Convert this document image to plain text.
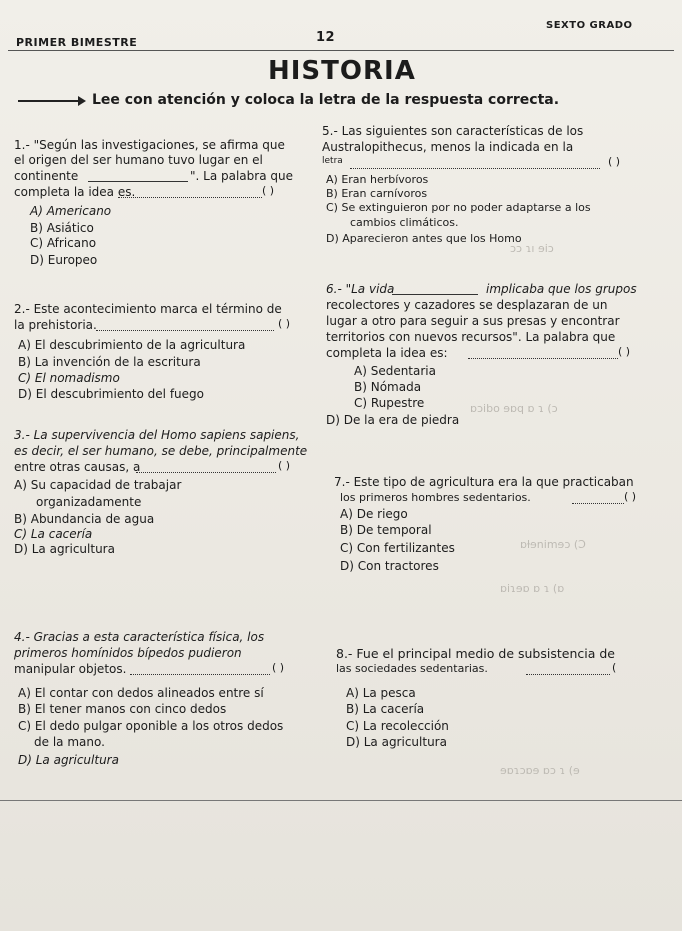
PRIMER BIMESTRE	12
SEXTO GRADO
HISTORIA
Lee con atención y coloca la letra de la respuesta correcta.
ɔɔ ɿı ɘiɔ
ɒɔibo ɘɒq ɒ ɿ (ɔ
ɒƚɘnimɘɔ (Ɔ
ɒiɿɘɒ ɒ ɿ (ɒ
ɘɒɿɔɒɘ ɒɔ ɿ (ɘ
1.- "Según las investigaciones, se afirma que
el origen del ser humano tuvo lugar en el
continente	". La palabra que
completa la idea es.	( )
A) Americano
B) Asiático
C) Africano
D) Europeo
5.- Las siguientes son características de los
Australopithecus, menos la indicada en la
letra	( )
A) Eran herbívoros
B) Eran carnívoros
C) Se extinguieron por no poder adaptarse a los
cambios climáticos.
D) Aparecieron antes que los Homo
2.- Este acontecimiento marca el término de
la prehistoria.	( )
A) El descubrimiento de la agricultura
B) La invención de la escritura
C) El nomadismo
D) El descubrimiento del fuego
6.- "La vida	implicaba que los grupos
recolectores y cazadores se desplazaran de un
lugar a otro para seguir a sus presas y encontrar
territorios con nuevos recursos". La palabra que
completa la idea es:	( )
A) Sedentaria
B) Nómada
C) Rupestre
D) De la era de piedra
3.- La supervivencia del Homo sapiens sapiens,
es decir, el ser humano, se debe, principalmente
entre otras causas, a	( )
A) Su capacidad de trabajar
organizadamente
B) Abundancia de agua
C) La cacería
D) La agricultura
7.- Este tipo de agricultura era la que practicaban
los primeros hombres sedentarios.	( )
A) De riego
B) De temporal
C) Con fertilizantes
D) Con tractores
4.- Gracias a esta característica física, los
primeros homínidos bípedos pudieron
manipular objetos.	( )
A) El contar con dedos alineados entre sí
B) El tener manos con cinco dedos
C) El dedo pulgar oponible a los otros dedos
de la mano.
D) La agricultura
8.- Fue el principal medio de subsistencia de
las sociedades sedentarias.	(
A) La pesca
B) La cacería
C) La recolección
D) La agricultura
